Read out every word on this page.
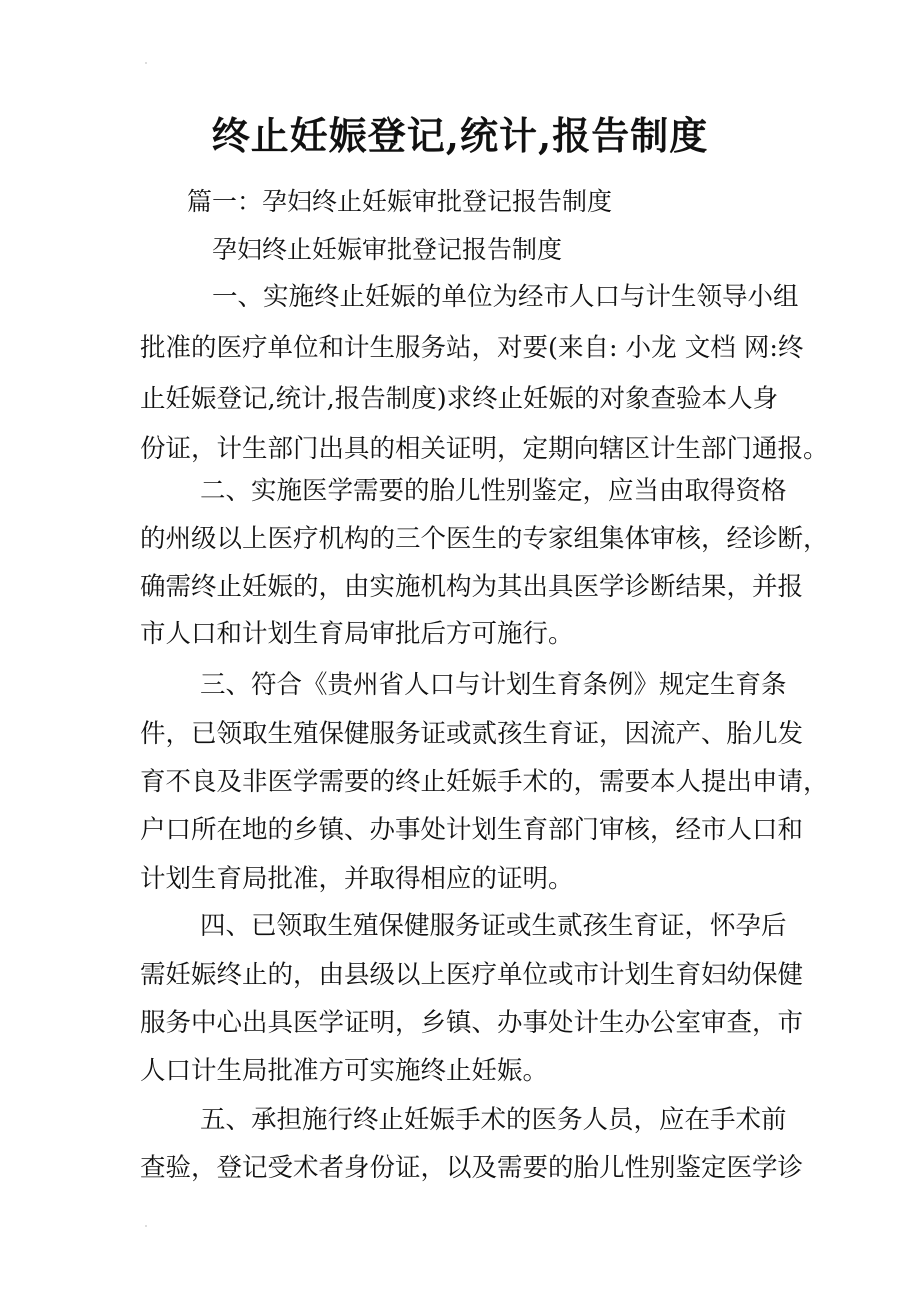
终止妊娠登记,统计,报告制度

篇一：孕妇终止妊娠审批登记报告制度

孕妇终止妊娠审批登记报告制度

一、实施终止妊娠的单位为经市人口与计生领导小组

批准的医疗单位和计生服务站，对要(来自: 小龙 文档 网:终

止妊娠登记,统计,报告制度)求终止妊娠的对象查验本人身

份证，计生部门出具的相关证明，定期向辖区计生部门通报。

二、实施医学需要的胎儿性别鉴定，应当由取得资格

的州级以上医疗机构的三个医生的专家组集体审核，经诊断，

确需终止妊娠的，由实施机构为其出具医学诊断结果，并报

市人口和计划生育局审批后方可施行。

三、符合《贵州省人口与计划生育条例》规定生育条

件，已领取生殖保健服务证或贰孩生育证，因流产、胎儿发

育不良及非医学需要的终止妊娠手术的，需要本人提出申请，

户口所在地的乡镇、办事处计划生育部门审核，经市人口和

计划生育局批准，并取得相应的证明。

四、已领取生殖保健服务证或生贰孩生育证，怀孕后

需妊娠终止的，由县级以上医疗单位或市计划生育妇幼保健

服务中心出具医学证明，乡镇、办事处计生办公室审查，市

人口计生局批准方可实施终止妊娠。

五、承担施行终止妊娠手术的医务人员，应在手术前

查验，登记受术者身份证，以及需要的胎儿性别鉴定医学诊
